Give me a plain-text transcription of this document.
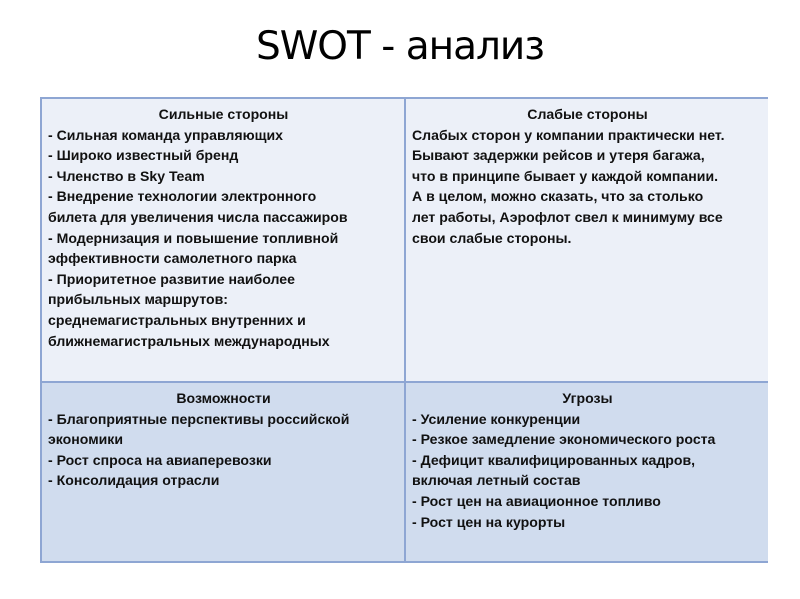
SWOT - анализ
Сильные стороны
- Сильная команда управляющих
- Широко известный бренд
- Членство в Sky Team
- Внедрение технологии электронного
билета для увеличения числа пассажиров
- Модернизация и повышение топливной
эффективности самолетного парка
- Приоритетное развитие наиболее
прибыльных маршрутов:
среднемагистральных внутренних и
ближнемагистральных международных
Слабые стороны
Слабых сторон у компании практически нет.
Бывают задержки рейсов и утеря багажа,
что в принципе бывает у каждой компании.
А в целом, можно сказать, что за столько
лет работы, Аэрофлот свел к минимуму все
свои слабые стороны.
Возможности
- Благоприятные перспективы российской
экономики
- Рост спроса на авиаперевозки
- Консолидация отрасли
Угрозы
- Усиление конкуренции
- Резкое замедление экономического роста
- Дефицит квалифицированных кадров,
включая летный состав
- Рост цен на авиационное топливо
- Рост цен на курорты
